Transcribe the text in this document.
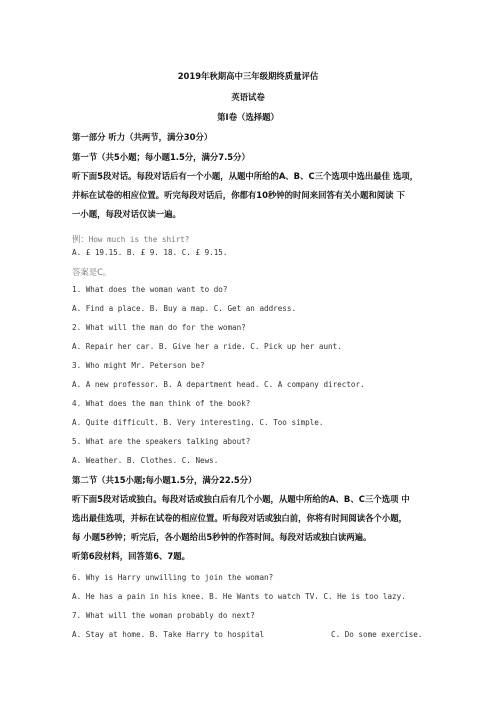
2019年秋期高中三年级期终质量评估
英语试卷
第Ⅰ卷（选择题）
第一部分 听力（共两节，满分30分）
第一节（共5小题；每小题1.5分，满分7.5分）
听下面5段对话。每段对话后有一个小题，从题中所给的A、B、C三个选项中选出最佳 选项，
并标在试卷的相应位置。听完每段对话后，你都有10秒钟的时间来回答有关小题和阅读 下
一小题，每段对话仅读一遍。
例：How much is the shirt?
A. £ 19.15. B. £ 9. 18. C. £ 9.15.
答案是C。
1. What does the woman want to do?
A. Find a place. B. Buy a map. C. Get an address.
2. What will the man do for the woman?
A. Repair her car. B. Give her a ride. C. Pick up her aunt.
3. Who might Mr. Peterson be?
A. A new professor. B. A department head. C. A company director.
4. What does the man think of the book?
A. Quite difficult. B. Very interesting. C. Too simple.
5. What are the speakers talking about?
A. Weather. B. Clothes. C. News.
第二节（共15小题;每小题1.5分，满分22.5分）
听下面5段对话或独白。每段对话或独白后有几个小题，从题中所给的A、B、C三个选项 中
选出最佳选项，并标在试卷的相应位置。听每段对话或独白前，你将有时间阅读各个小题，
每 小题5秒钟；听完后，各小题给出5秒钟的作答时间。每段对话或独白读两遍。
听第6段材料，回答第6、7题。
6. Why is Harry unwilling to join the woman?
A. He has a pain in his knee. B. He Wants to watch TV. C. He is too lazy.
7. What will the woman probably do next?
A. Stay at home. B. Take Harry to hospital	C. Do some exercise.
